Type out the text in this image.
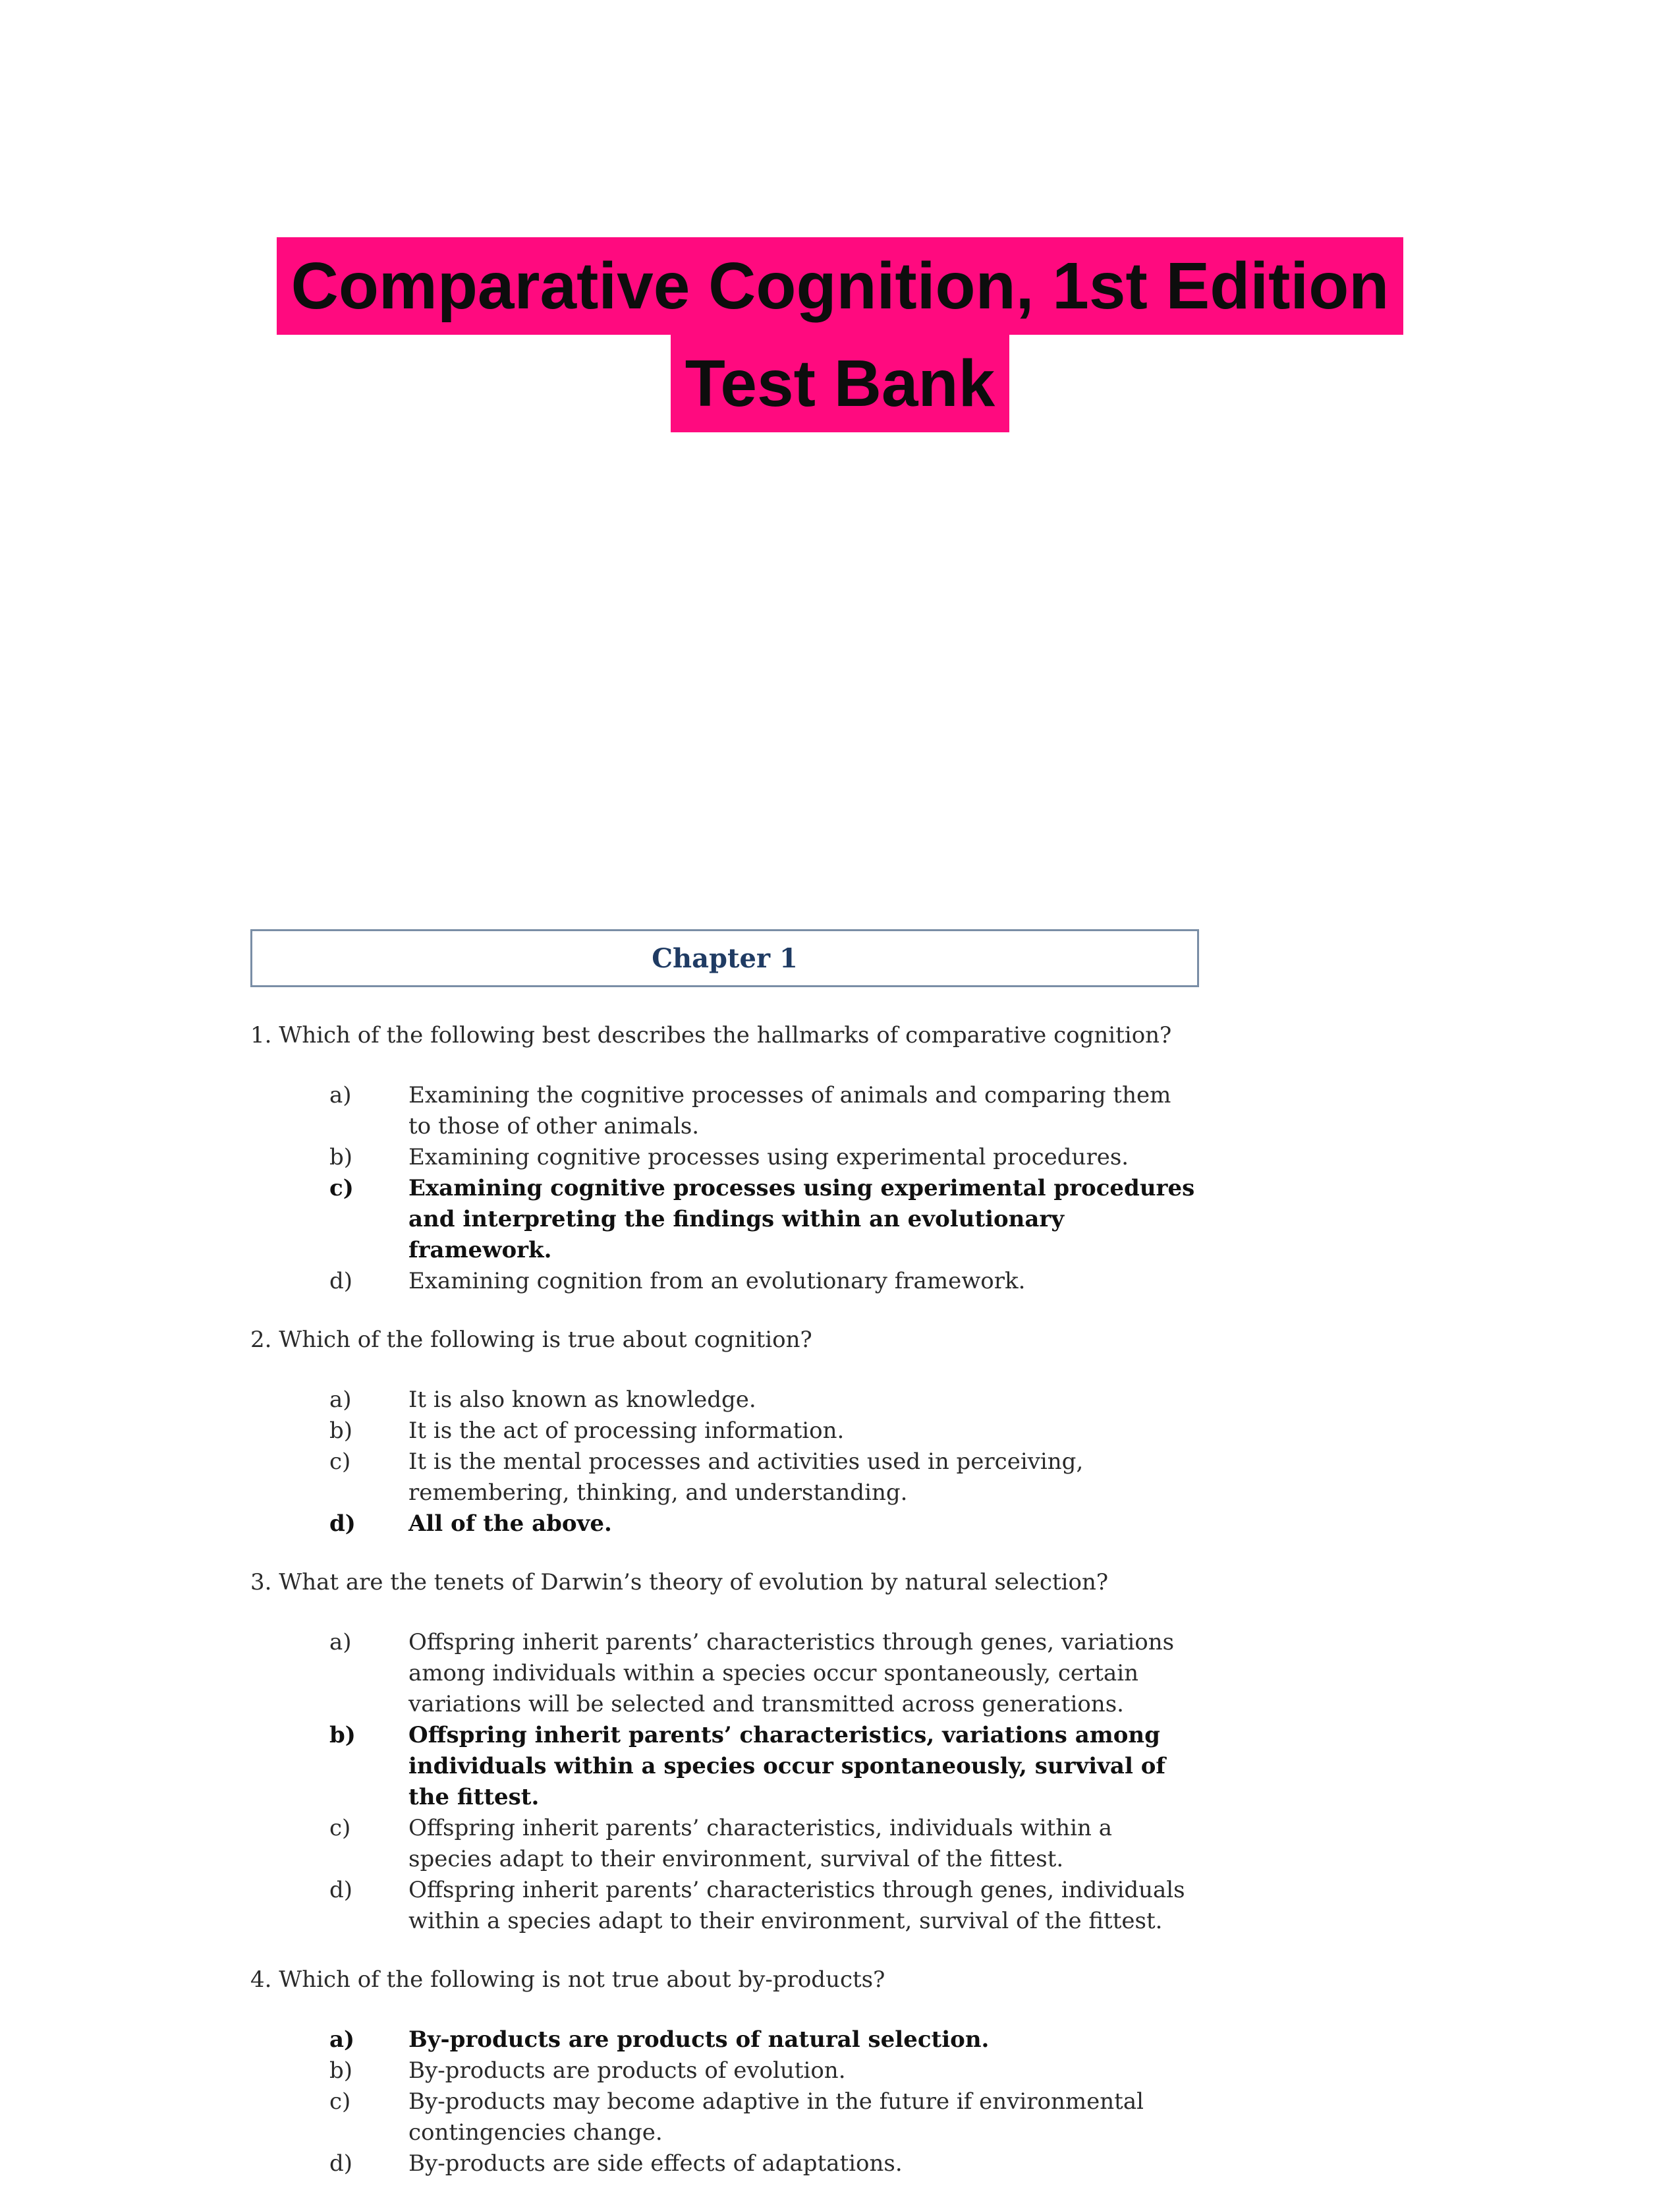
Comparative Cognition, 1st Edition
Test Bank
Chapter 1

1. Which of the following best describes the hallmarks of comparative cognition?

a)	Examining the cognitive processes of animals and comparing them to those of other animals.
b)	Examining cognitive processes using experimental procedures.
c)	Examining cognitive processes using experimental procedures and interpreting the findings within an evolutionary framework.
d)	Examining cognition from an evolutionary framework.

2. Which of the following is true about cognition?

a)	It is also known as knowledge.
b)	It is the act of processing information.
c)	It is the mental processes and activities used in perceiving, remembering, thinking, and understanding.
d)	All of the above.

3. What are the tenets of Darwin’s theory of evolution by natural selection?

a)	Offspring inherit parents’ characteristics through genes, variations among individuals within a species occur spontaneously, certain variations will be selected and transmitted across generations.
b)	Offspring inherit parents’ characteristics, variations among individuals within a species occur spontaneously, survival of the fittest.
c)	Offspring inherit parents’ characteristics, individuals within a species adapt to their environment, survival of the fittest.
d)	Offspring inherit parents’ characteristics through genes, individuals within a species adapt to their environment, survival of the fittest.

4. Which of the following is not true about by-products?

a)	By-products are products of natural selection.
b)	By-products are products of evolution.
c)	By-products may become adaptive in the future if environmental contingencies change.
d)	By-products are side effects of adaptations.
